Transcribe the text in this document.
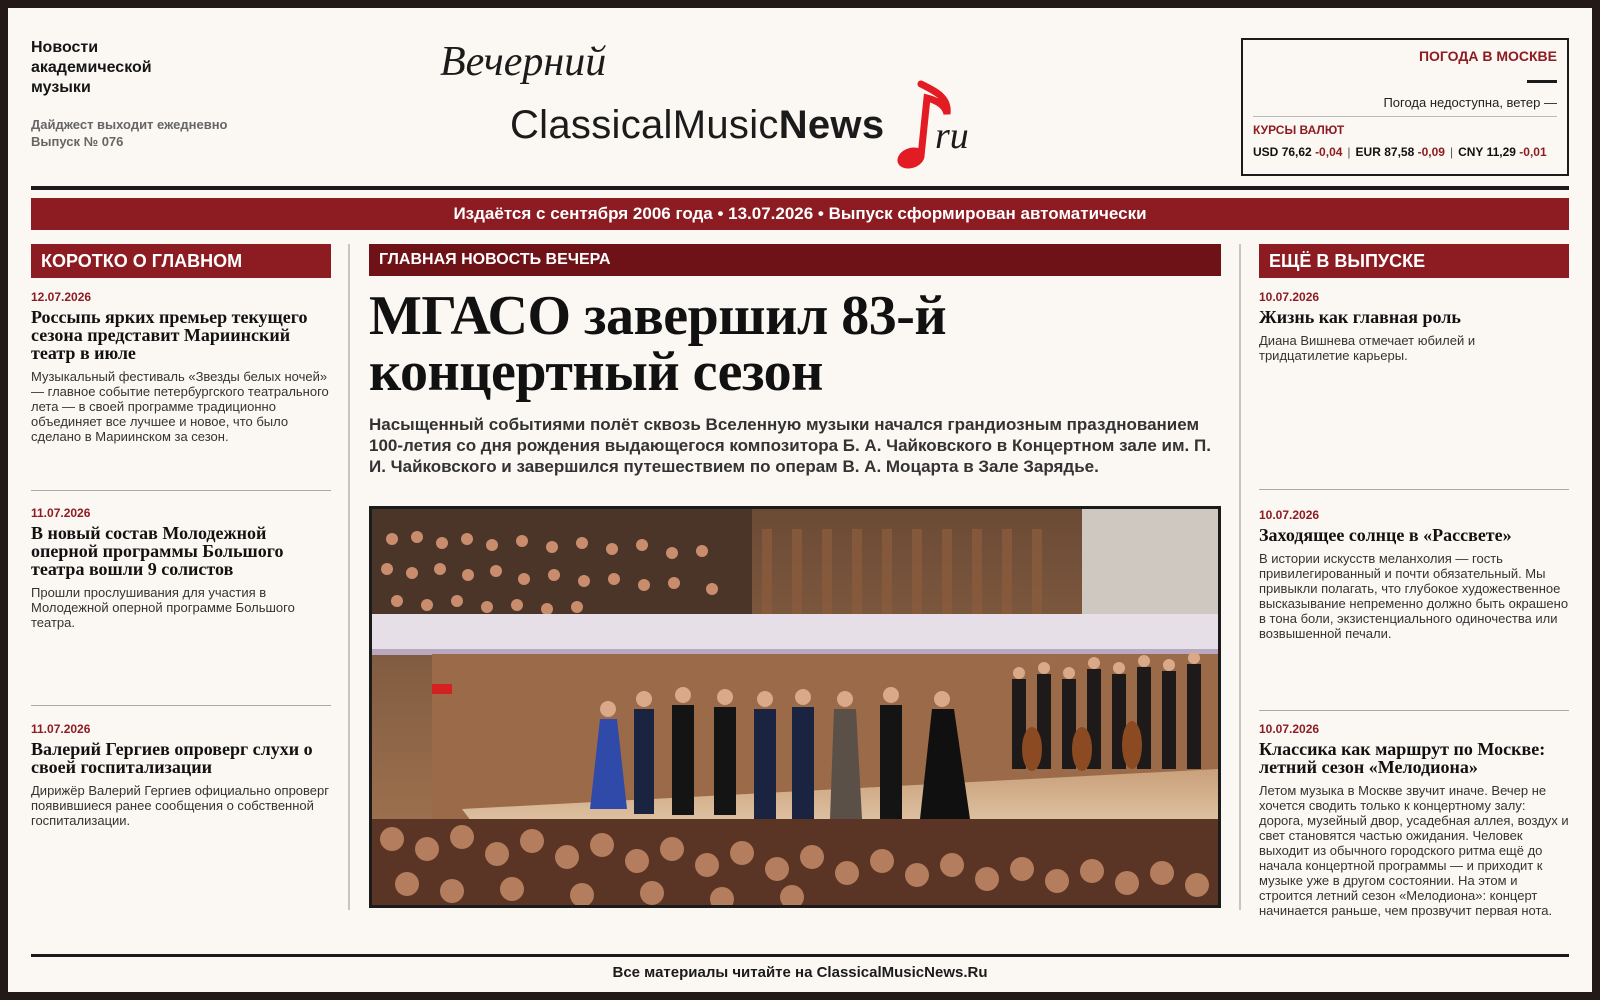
Новости
академической
музыки
Дайджест выходит ежедневно
Выпуск № 076
Вечерний
ClassicalMusicNews ru
ПОГОДА В МОСКВЕ
Погода недоступна, ветер —
КУРСЫ ВАЛЮТ
USD 76,62 -0,04 | EUR 87,58 -0,09 | CNY 11,29 -0,01
Издаётся с сентября 2006 года • 13.07.2026 • Выпуск сформирован автоматически
КОРОТКО О ГЛАВНОМ
12.07.2026
Россыпь ярких премьер текущего сезона представит Мариинский театр в июле
Музыкальный фестиваль «Звезды белых ночей» — главное событие петербургского театрального лета — в своей программе традиционно объединяет все лучшее и новое, что было сделано в Мариинском за сезон.
11.07.2026
В новый состав Молодежной оперной программы Большого театра вошли 9 солистов
Прошли прослушивания для участия в Молодежной оперной программе Большого театра.
11.07.2026
Валерий Гергиев опроверг слухи о своей госпитализации
Дирижёр Валерий Гергиев официально опроверг появившиеся ранее сообщения о собственной госпитализации.
ГЛАВНАЯ НОВОСТЬ ВЕЧЕРА
МГАСО завершил 83-й концертный сезон
Насыщенный событиями полёт сквозь Вселенную музыки начался грандиозным празднованием 100-летия со дня рождения выдающегося композитора Б. А. Чайковского в Концертном зале им. П. И. Чайковского и завершился путешествием по операм В. А. Моцарта в Зале Зарядье.
ЕЩЁ В ВЫПУСКЕ
10.07.2026
Жизнь как главная роль
Диана Вишнева отмечает юбилей и тридцатилетие карьеры.
10.07.2026
Заходящее солнце в «Рассвете»
В истории искусств меланхолия — гость привилегированный и почти обязательный. Мы привыкли полагать, что глубокое художественное высказывание непременно должно быть окрашено в тона боли, экзистенциального одиночества или возвышенной печали.
10.07.2026
Классика как маршрут по Москве: летний сезон «Мелодиона»
Летом музыка в Москве звучит иначе. Вечер не хочется сводить только к концертному залу: дорога, музейный двор, усадебная аллея, воздух и свет становятся частью ожидания. Человек выходит из обычного городского ритма ещё до начала концертной программы — и приходит к музыке уже в другом состоянии. На этом и строится летний сезон «Мелодиона»: концерт начинается раньше, чем прозвучит первая нота.
Все материалы читайте на ClassicalMusicNews.Ru
